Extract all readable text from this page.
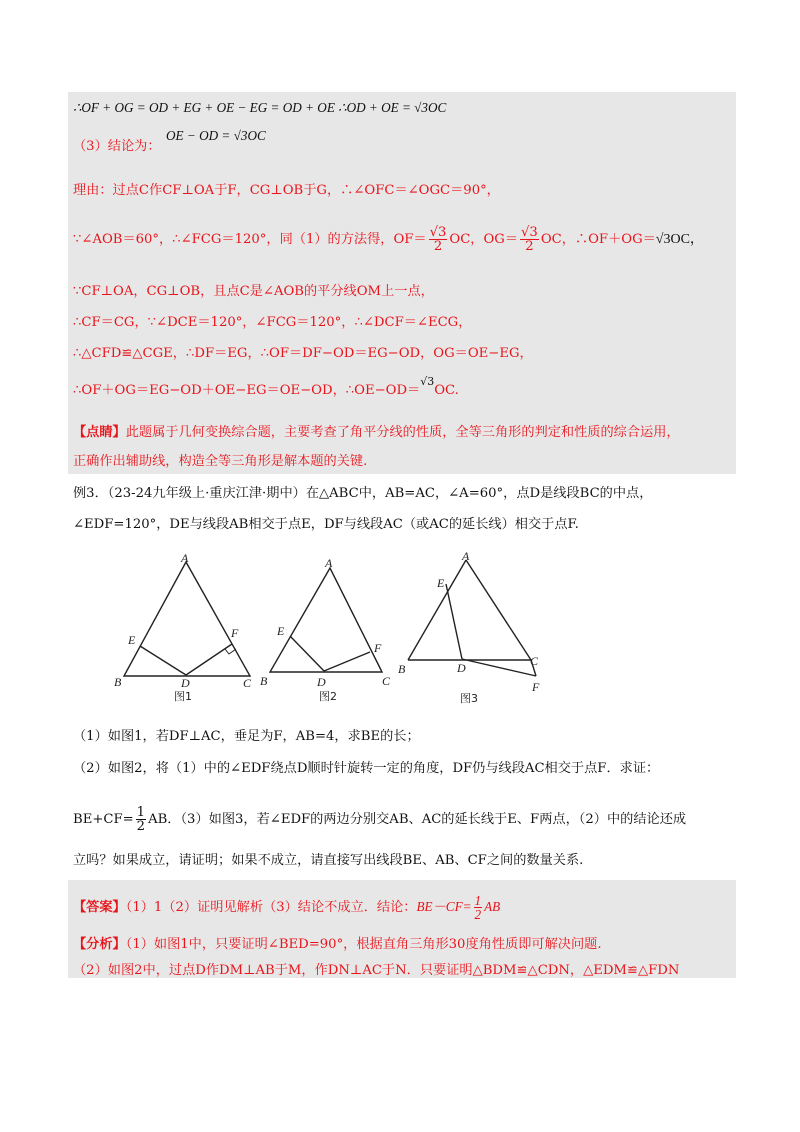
∴OF + OG = OD + EG + OE − EG = OD + OE ∴OD + OE = √3OC
（3）结论为：
OE − OD = √3OC
理由：过点C作CF⊥OA于F，CG⊥OB于G，∴∠OFC＝∠OGC＝90°，
∵∠AOB＝60°，∴∠FCG＝120°，同（1）的方法得，$OF= \frac{√3}{2}$ OC，$OG= \frac{√3}{2}$ OC，∴OF＋OG＝√3OC，
∵CF⊥OA，CG⊥OB，且点C是∠AOB的平分线OM上一点，
∴CF＝CG，∵∠DCE＝120°，∠FCG＝120°，∴∠DCF＝∠ECG，
∴△CFD≌△CGE，∴DF＝EG，∴OF＝DF−OD＝EG−OD，OG＝OE−EG，
∴OF＋OG＝EG−OD＋OE−EG＝OE−OD，∴OE−OD＝$^{√3}$OC.
【点睛】此题属于几何变换综合题，主要考查了角平分线的性质，全等三角形的判定和性质的综合运用，
正确作出辅助线，构造全等三角形是解本题的关键.
例3．（23-24九年级上·重庆江津·期中）在△ABC中，AB=AC，∠A=60°，点D是线段BC的中点，
∠EDF=120°，DE与线段AB相交于点E，DF与线段AC（或AC的延长线）相交于点F.
A
E	F
B	D	C
图1
A
E
F
B	D	C
图2
A
E
B	D	C
F
图3
（1）如图1，若DF⊥AC，垂足为F，AB=4，求BE的长；
（2）如图2，将（1）中的∠EDF绕点D顺时针旋转一定的角度，DF仍与线段AC相交于点F．求证：
$BE+CF= \frac{1}{2}$ AB．（3）如图3，若∠EDF的两边分别交AB、AC的延长线于E、F两点，（2）中的结论还成
立吗？如果成立，请证明；如果不成立，请直接写出线段BE、AB、CF之间的数量关系.
【答案】（1）1（2）证明见解析（3）结论不成立．结论：$BE-CF= \frac{1}{2}$ AB
【分析】（1）如图1中，只要证明∠BED=90°，根据直角三角形30度角性质即可解决问题.
（2）如图2中，过点D作DM⊥AB于M，作DN⊥AC于N．只要证明△BDM≌△CDN，△EDM≌△FDN
